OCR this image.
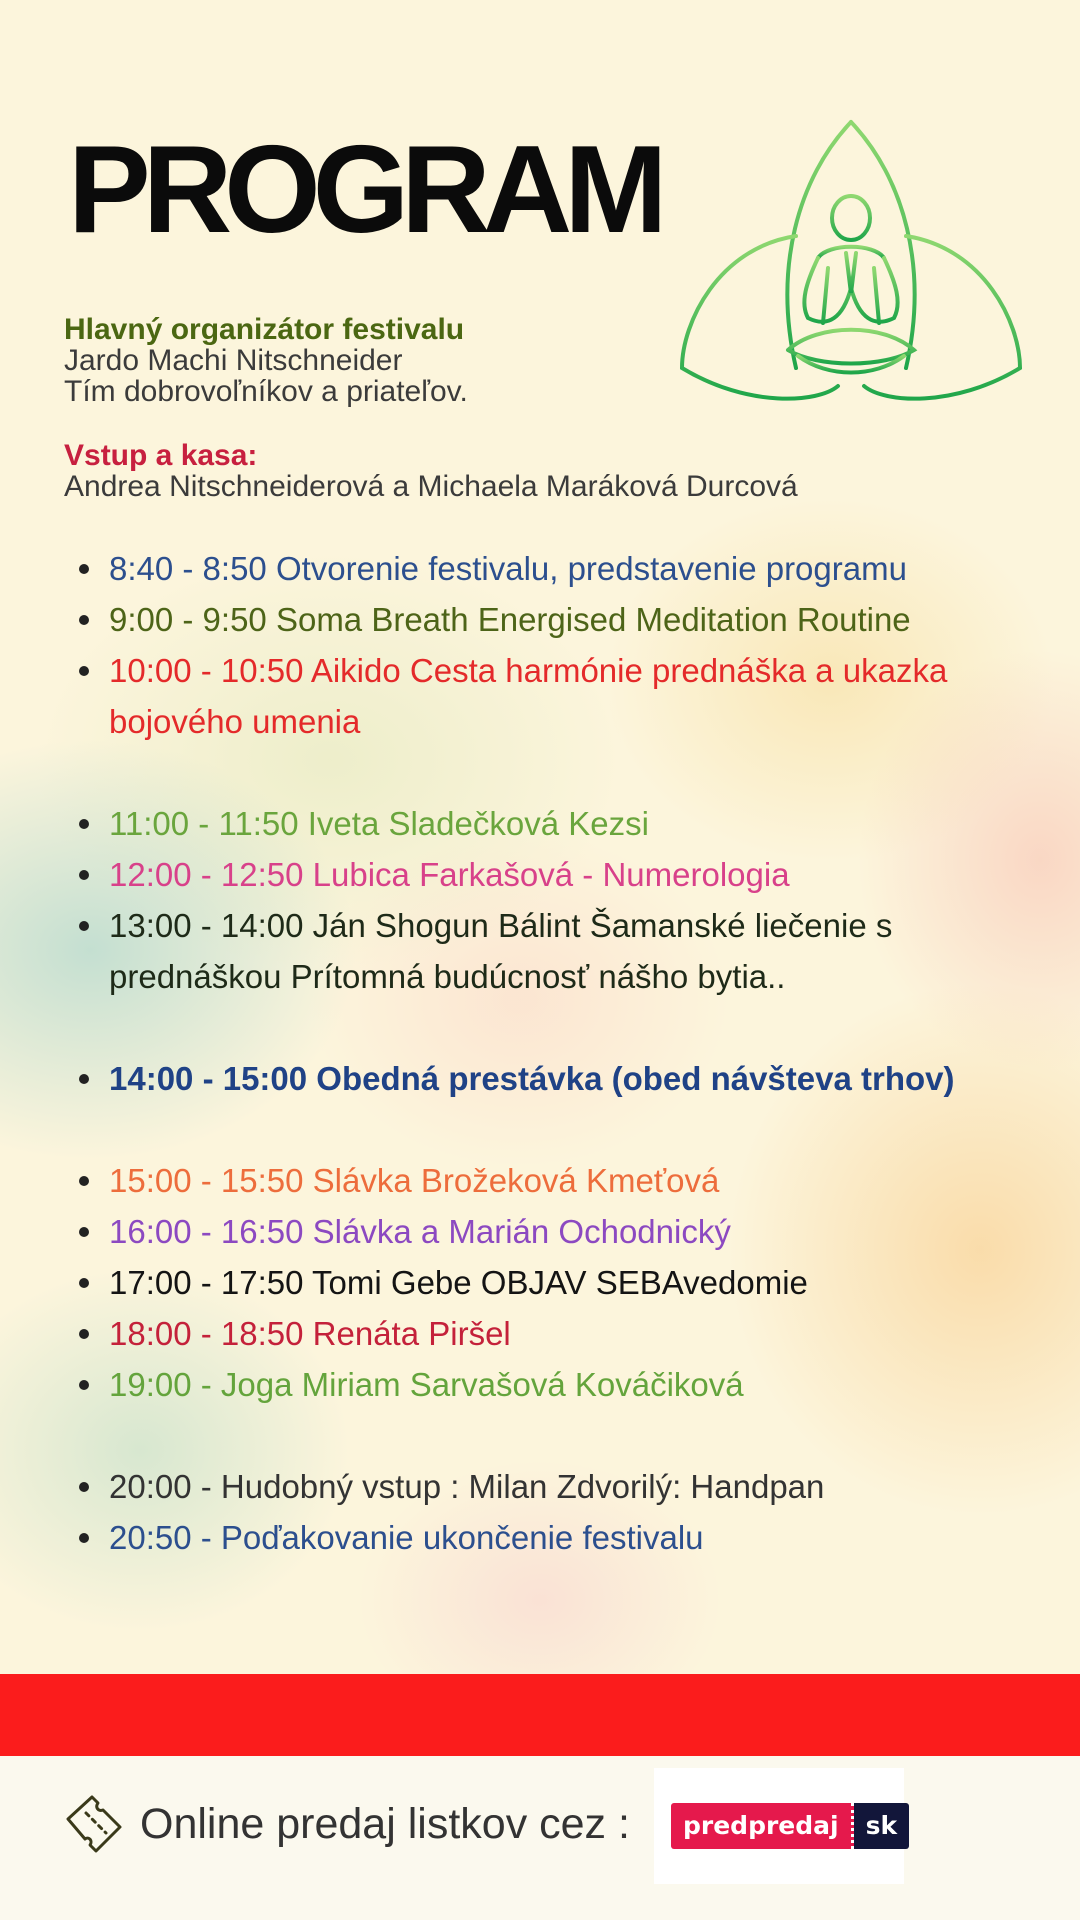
PROGRAM
Hlavný organizátor festivalu
Jardo Machi Nitschneider
Tím dobrovoľníkov a priateľov.
Vstup a kasa:
Andrea Nitschneiderová a Michaela Maráková Durcová
8:40 - 8:50 Otvorenie festivalu, predstavenie programu
9:00 - 9:50 Soma Breath Energised Meditation Routine
10:00 - 10:50 Aikido Cesta harmónie prednáška a ukazka bojového umenia
11:00 - 11:50 Iveta Sladečková Kezsi
12:00 - 12:50 Lubica Farkašová - Numerologia
13:00 - 14:00 Ján Shogun Bálint Šamanské liečenie s prednáškou Prítomná budúcnosť nášho bytia..
14:00 - 15:00 Obedná prestávka (obed návšteva trhov)
15:00 - 15:50 Slávka Brožeková Kmeťová
16:00 - 16:50 Slávka a Marián Ochodnický
17:00 - 17:50 Tomi Gebe OBJAV SEBAvedomie
18:00 - 18:50 Renáta Piršel
19:00 - Joga Miriam Sarvašová Kováčiková
20:00 - Hudobný vstup : Milan Zdvorilý: Handpan
20:50 - Poďakovanie ukončenie festivalu
Online predaj listkov cez :	predpredaj	sk
